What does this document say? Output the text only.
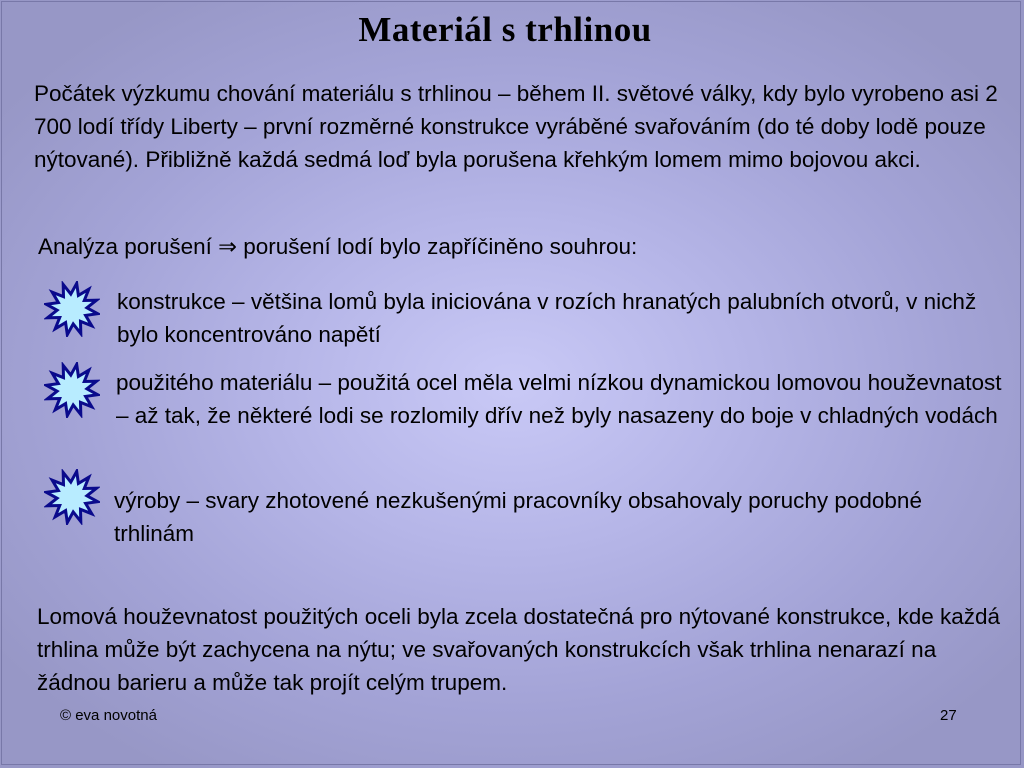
Materiál s trhlinou
Počátek výzkumu chování materiálu s trhlinou – během II. světové války, kdy bylo vyrobeno asi 2 700 lodí třídy Liberty – první rozměrné konstrukce vyráběné svařováním (do té doby lodě pouze nýtované). Přibližně každá sedmá loď byla porušena křehkým lomem mimo bojovou akci.
Analýza porušení ⇒ porušení lodí bylo zapříčiněno souhrou:
konstrukce – většina lomů byla iniciována v rozích hranatých palubních otvorů, v nichž bylo koncentrováno napětí
použitého materiálu – použitá ocel měla velmi nízkou dynamickou lomovou houževnatost – až tak, že některé lodi se rozlomily dřív než byly nasazeny do boje v chladných vodách
výroby – svary zhotovené nezkušenými pracovníky obsahovaly poruchy podobné trhlinám
Lomová houževnatost použitých oceli byla zcela dostatečná pro nýtované konstrukce, kde každá trhlina může být zachycena na nýtu; ve svařovaných konstrukcích však trhlina nenarazí na žádnou barieru a může tak projít celým trupem.
© eva novotná	27
